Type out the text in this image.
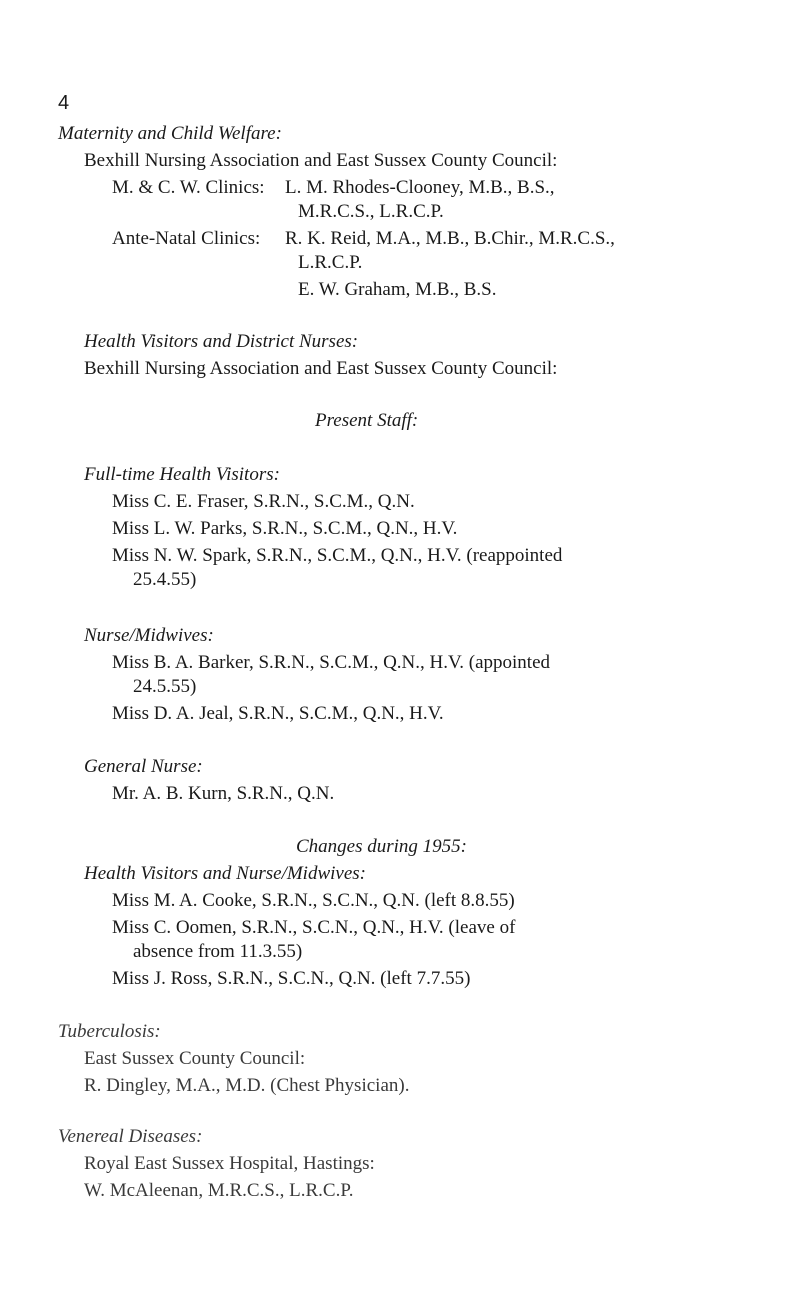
4
Maternity and Child Welfare:
Bexhill Nursing Association and East Sussex County Council:
M. & C. W. Clinics: L. M. Rhodes-Clooney, M.B., B.S.,
M.R.C.S., L.R.C.P.
Ante-Natal Clinics: R. K. Reid, M.A., M.B., B.Chir., M.R.C.S.,
L.R.C.P.
E. W. Graham, M.B., B.S.
Health Visitors and District Nurses:
Bexhill Nursing Association and East Sussex County Council:
Present Staff:
Full-time Health Visitors:
Miss C. E. Fraser, S.R.N., S.C.M., Q.N.
Miss L. W. Parks, S.R.N., S.C.M., Q.N., H.V.
Miss N. W. Spark, S.R.N., S.C.M., Q.N., H.V. (reappointed
25.4.55)
Nurse/Midwives:
Miss B. A. Barker, S.R.N., S.C.M., Q.N., H.V. (appointed
24.5.55)
Miss D. A. Jeal, S.R.N., S.C.M., Q.N., H.V.
General Nurse:
Mr. A. B. Kurn, S.R.N., Q.N.
Changes during 1955:
Health Visitors and Nurse/Midwives:
Miss M. A. Cooke, S.R.N., S.C.N., Q.N. (left 8.8.55)
Miss C. Oomen, S.R.N., S.C.N., Q.N., H.V. (leave of
absence from 11.3.55)
Miss J. Ross, S.R.N., S.C.N., Q.N. (left 7.7.55)
Tuberculosis:
East Sussex County Council:
R. Dingley, M.A., M.D. (Chest Physician).
Venereal Diseases:
Royal East Sussex Hospital, Hastings:
W. McAleenan, M.R.C.S., L.R.C.P.
